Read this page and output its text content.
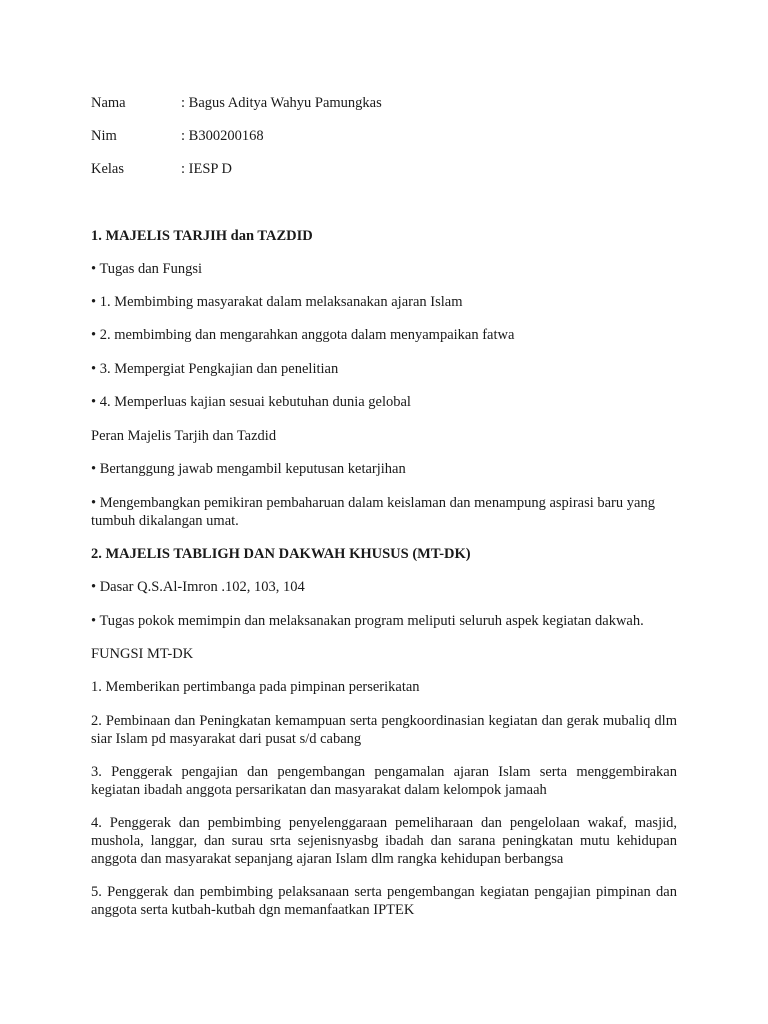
Nama	: Bagus Aditya Wahyu Pamungkas
Nim	: B300200168
Kelas	: IESP D

1. MAJELIS TARJIH dan TAZDID

• Tugas dan Fungsi

• 1. Membimbing masyarakat dalam melaksanakan ajaran Islam

• 2. membimbing dan mengarahkan anggota dalam menyampaikan fatwa

• 3. Mempergiat Pengkajian dan penelitian

• 4. Memperluas kajian sesuai kebutuhan dunia gelobal

Peran Majelis Tarjih dan Tazdid

• Bertanggung jawab mengambil keputusan ketarjihan

• Mengembangkan pemikiran pembaharuan dalam keislaman dan menampung aspirasi baru yang tumbuh dikalangan umat.

2. MAJELIS TABLIGH DAN DAKWAH KHUSUS (MT-DK)

• Dasar Q.S.Al-Imron .102, 103, 104

• Tugas pokok memimpin dan melaksanakan program meliputi seluruh aspek kegiatan dakwah.

FUNGSI MT-DK

1. Memberikan pertimbanga pada pimpinan perserikatan

2. Pembinaan dan Peningkatan kemampuan serta pengkoordinasian kegiatan dan gerak mubaliq dlm siar Islam pd masyarakat dari pusat s/d cabang

3. Penggerak pengajian dan pengembangan pengamalan ajaran Islam serta menggembirakan kegiatan ibadah anggota persarikatan dan masyarakat dalam kelompok jamaah

4. Penggerak dan pembimbing penyelenggaraan pemeliharaan dan pengelolaan wakaf, masjid, mushola, langgar, dan surau srta sejenisnyasbg ibadah dan sarana peningkatan mutu kehidupan anggota dan masyarakat sepanjang ajaran Islam dlm rangka kehidupan berbangsa

5. Penggerak dan pembimbing pelaksanaan serta pengembangan kegiatan pengajian pimpinan dan anggota serta kutbah-kutbah dgn memanfaatkan IPTEK
